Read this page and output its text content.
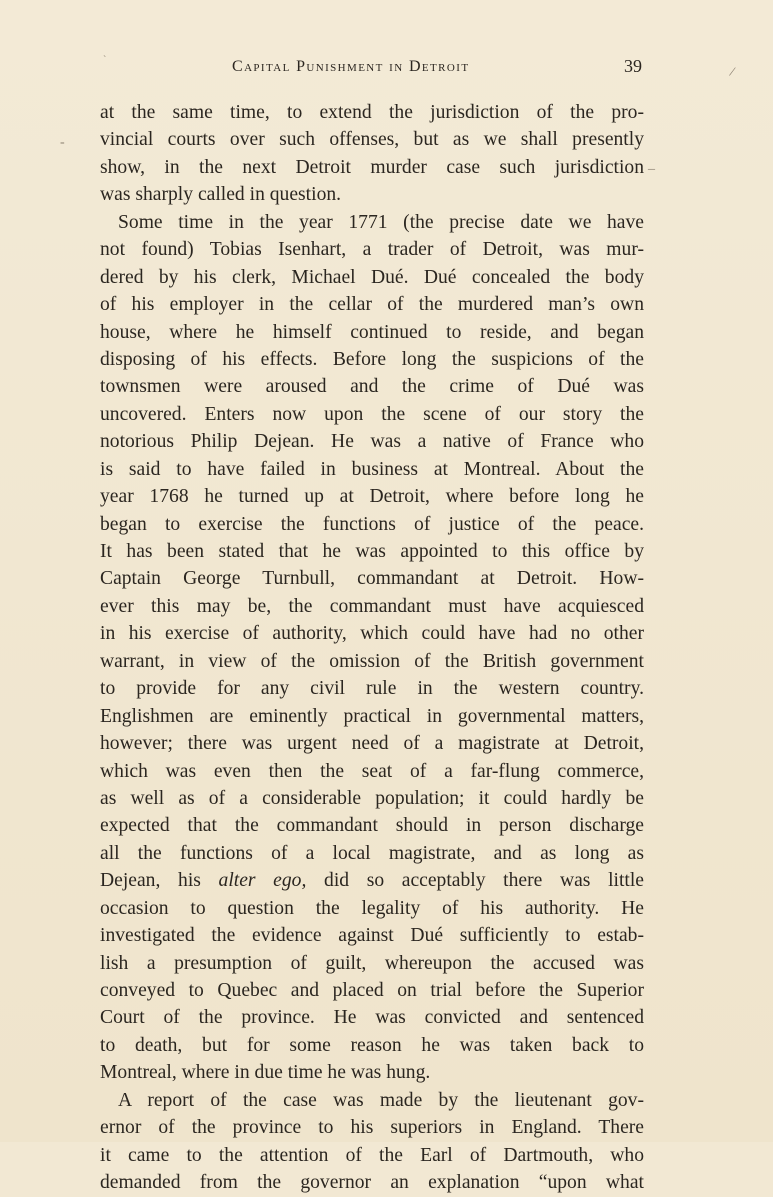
Capital Punishment in Detroit	39	/
-
_
`
at the same time, to extend the jurisdiction of the pro-
vincial courts over such offenses, but as we shall presently
show, in the next Detroit murder case such jurisdiction
was sharply called in question.
Some time in the year 1771 (the precise date we have
not found) Tobias Isenhart, a trader of Detroit, was mur-
dered by his clerk, Michael Dué. Dué concealed the body
of his employer in the cellar of the murdered man’s own
house, where he himself continued to reside, and began
disposing of his effects. Before long the suspicions of the
townsmen were aroused and the crime of Dué was
uncovered. Enters now upon the scene of our story the
notorious Philip Dejean. He was a native of France who
is said to have failed in business at Montreal. About the
year 1768 he turned up at Detroit, where before long he
began to exercise the functions of justice of the peace.
It has been stated that he was appointed to this office by
Captain George Turnbull, commandant at Detroit. How-
ever this may be, the commandant must have acquiesced
in his exercise of authority, which could have had no other
warrant, in view of the omission of the British government
to provide for any civil rule in the western country.
Englishmen are eminently practical in governmental matters,
however; there was urgent need of a magistrate at Detroit,
which was even then the seat of a far-flung commerce,
as well as of a considerable population; it could hardly be
expected that the commandant should in person discharge
all the functions of a local magistrate, and as long as
Dejean, his alter ego, did so acceptably there was little
occasion to question the legality of his authority. He
investigated the evidence against Dué sufficiently to estab-
lish a presumption of guilt, whereupon the accused was
conveyed to Quebec and placed on trial before the Superior
Court of the province. He was convicted and sentenced
to death, but for some reason he was taken back to
Montreal, where in due time he was hung.
A report of the case was made by the lieutenant gov-
ernor of the province to his superiors in England. There
it came to the attention of the Earl of Dartmouth, who
demanded from the governor an explanation “upon what
